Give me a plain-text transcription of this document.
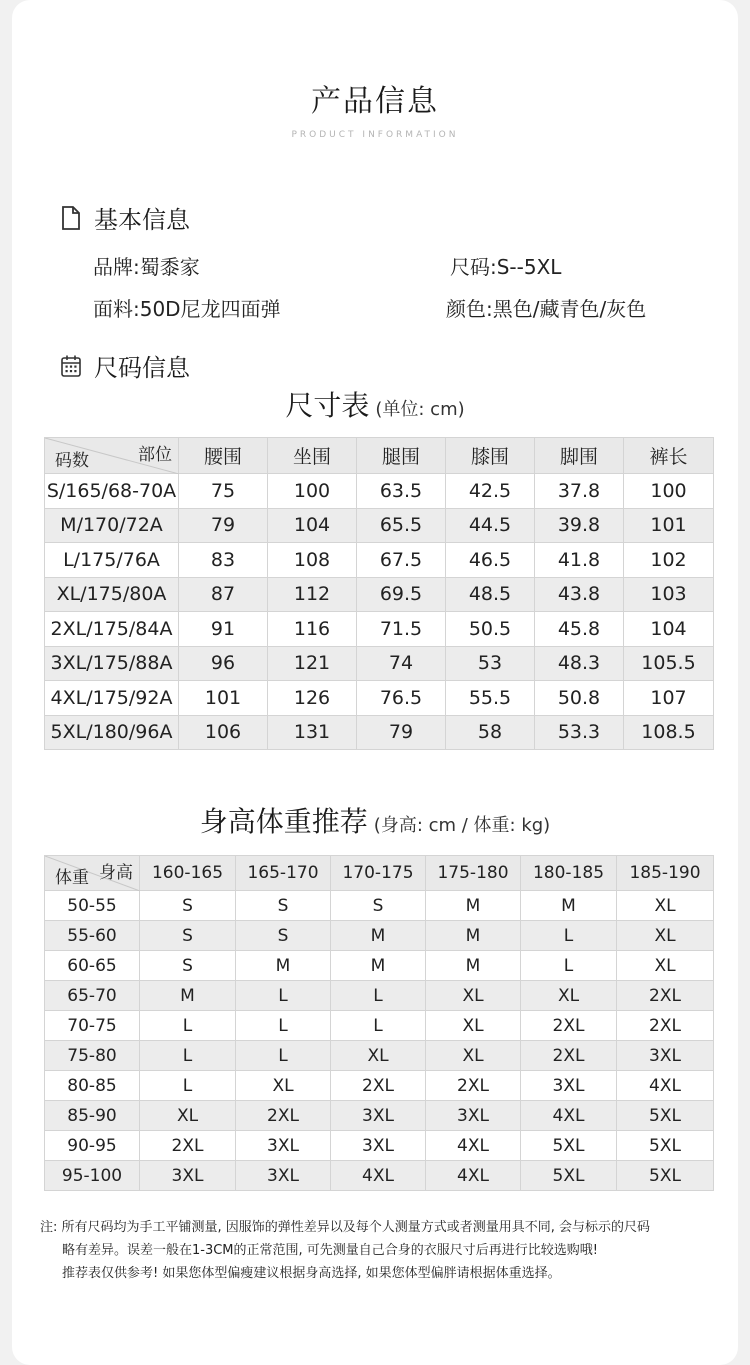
产品信息
PRODUCT INFORMATION
基本信息
品牌:蜀黍家	尺码:S--5XL
面料:50D尼龙四面弹	颜色:黑色/藏青色/灰色
尺码信息
尺寸表 (单位: cm)
部位
码数	腰围	坐围	腿围	膝围	脚围	裤长
S/165/68-70A	75	100	63.5	42.5	37.8	100
M/170/72A	79	104	65.5	44.5	39.8	101
L/175/76A	83	108	67.5	46.5	41.8	102
XL/175/80A	87	112	69.5	48.5	43.8	103
2XL/175/84A	91	116	71.5	50.5	45.8	104
3XL/175/88A	96	121	74	53	48.3	105.5
4XL/175/92A	101	126	76.5	55.5	50.8	107
5XL/180/96A	106	131	79	58	53.3	108.5
身高体重推荐 (身高: cm / 体重: kg)
身高
体重	160-165	165-170	170-175	175-180	180-185	185-190
50-55	S	S	S	M	M	XL
55-60	S	S	M	M	L	XL
60-65	S	M	M	M	L	XL
65-70	M	L	L	XL	XL	2XL
70-75	L	L	L	XL	2XL	2XL
75-80	L	L	XL	XL	2XL	3XL
80-85	L	XL	2XL	2XL	3XL	4XL
85-90	XL	2XL	3XL	3XL	4XL	5XL
90-95	2XL	3XL	3XL	4XL	5XL	5XL
95-100	3XL	3XL	4XL	4XL	5XL	5XL
注: 所有尺码均为手工平铺测量, 因服饰的弹性差异以及每个人测量方式或者测量用具不同, 会与标示的尺码
略有差异。误差一般在1-3CM的正常范围, 可先测量自己合身的衣服尺寸后再进行比较选购哦!
推荐表仅供参考! 如果您体型偏瘦建议根据身高选择, 如果您体型偏胖请根据体重选择。
